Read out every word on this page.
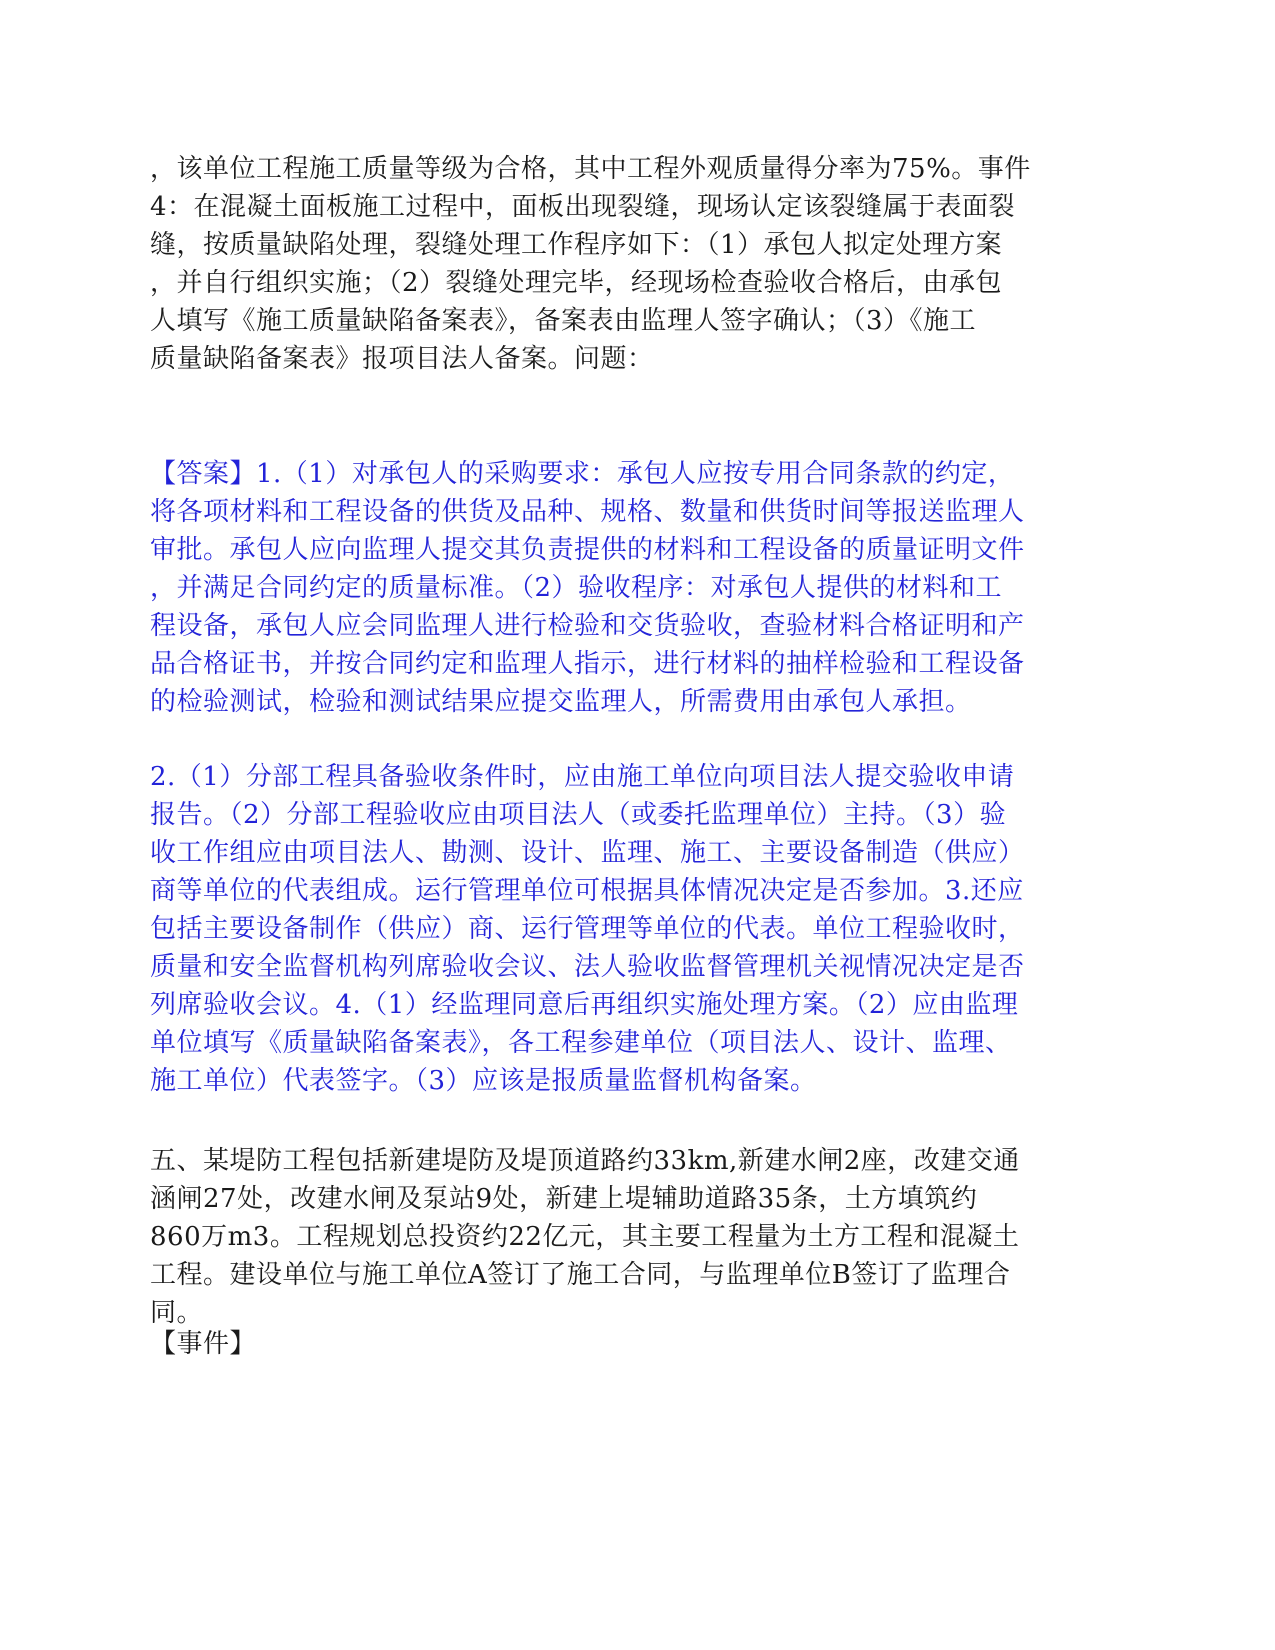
，该单位工程施工质量等级为合格，其中工程外观质量得分率为75%。事件
4：在混凝土面板施工过程中，面板出现裂缝，现场认定该裂缝属于表面裂
缝，按质量缺陷处理，裂缝处理工作程序如下：（1）承包人拟定处理方案
，并自行组织实施；（2）裂缝处理完毕，经现场检查验收合格后，由承包
人填写《施工质量缺陷备案表》，备案表由监理人签字确认；（3）《施工
质量缺陷备案表》报项目法人备案。问题：
【答案】1.（1）对承包人的采购要求：承包人应按专用合同条款的约定，
将各项材料和工程设备的供货及品种、规格、数量和供货时间等报送监理人
审批。承包人应向监理人提交其负责提供的材料和工程设备的质量证明文件
，并满足合同约定的质量标准。（2）验收程序：对承包人提供的材料和工
程设备，承包人应会同监理人进行检验和交货验收，查验材料合格证明和产
品合格证书，并按合同约定和监理人指示，进行材料的抽样检验和工程设备
的检验测试，检验和测试结果应提交监理人，所需费用由承包人承担。
2.（1）分部工程具备验收条件时，应由施工单位向项目法人提交验收申请
报告。（2）分部工程验收应由项目法人（或委托监理单位）主持。（3）验
收工作组应由项目法人、勘测、设计、监理、施工、主要设备制造（供应）
商等单位的代表组成。运行管理单位可根据具体情况决定是否参加。3.还应
包括主要设备制作（供应）商、运行管理等单位的代表。单位工程验收时，
质量和安全监督机构列席验收会议、法人验收监督管理机关视情况决定是否
列席验收会议。4.（1）经监理同意后再组织实施处理方案。（2）应由监理
单位填写《质量缺陷备案表》，各工程参建单位（项目法人、设计、监理、
施工单位）代表签字。（3）应该是报质量监督机构备案。
五、某堤防工程包括新建堤防及堤顶道路约33km,新建水闸2座，改建交通
涵闸27处，改建水闸及泵站9处，新建上堤辅助道路35条，土方填筑约
860万m3。工程规划总投资约22亿元，其主要工程量为土方工程和混凝土
工程。建设单位与施工单位A签订了施工合同，与监理单位B签订了监理合
同。
【事件】
